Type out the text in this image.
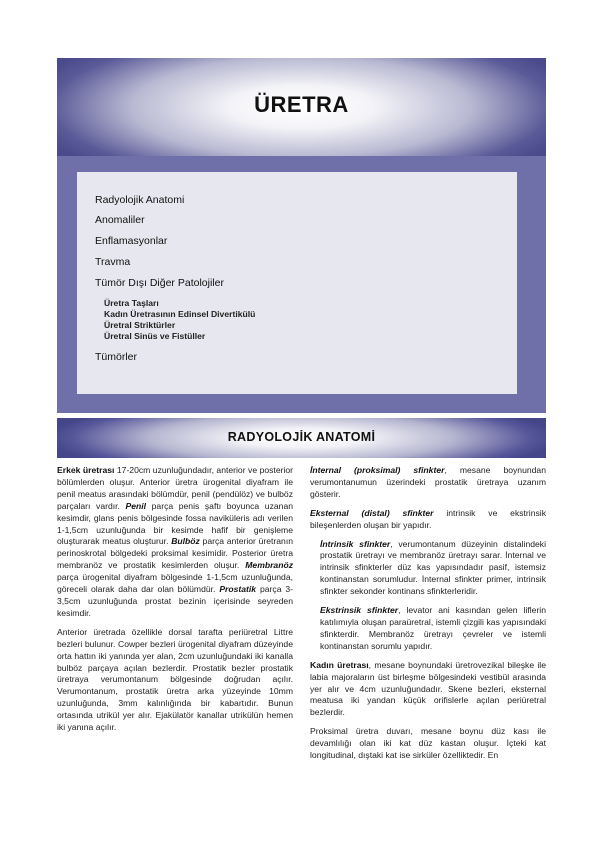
ÜRETRA
Radyolojik Anatomi
Anomaliler
Enflamasyonlar
Travma
Tümör Dışı Diğer Patolojiler
Üretra Taşları
Kadın Üretrasının Edinsel Divertikülü
Üretral Striktürler
Üretral Sinüs ve Fistüller
Tümörler
RADYOLOJİK ANATOMİ

Erkek üretrası 17-20cm uzunluğundadır, anterior ve posterior bölümlerden oluşur. Anterior üretra ürogenital diyafram ile penil meatus arasındaki bölümdür, penil (pendülöz) ve bulböz parçaları vardır. Penil parça penis şaftı boyunca uzanan kesimdir, glans penis bölgesinde fossa naviküleris adı verilen 1-1,5cm uzunluğunda bir kesimde hafif bir genişleme oluşturarak meatus oluşturur. Bulböz parça anterior üretranın perinoskrotal bölgedeki proksimal kesimidir. Posterior üretra membranöz ve prostatik kesimlerden oluşur. Membranöz parça ürogenital diyafram bölgesinde 1-1,5cm uzunluğunda, göreceli olarak daha dar olan bölümdür. Prostatik parça 3-3,5cm uzunluğunda prostat bezinin içerisinde seyreden kesimdir.

Anterior üretrada özellikle dorsal tarafta periüretral Littre bezleri bulunur. Cowper bezleri ürogenital diyafram düzeyinde orta hattın iki yanında yer alan, 2cm uzunluğundaki iki kanalla bulböz parçaya açılan bezlerdir. Prostatik bezler prostatik üretraya verumontanum bölgesinde doğrudan açılır. Verumontanum, prostatik üretra arka yüzeyinde 10mm uzunluğunda, 3mm kalınlığında bir kabartıdır. Bunun ortasında utrikül yer alır. Ejakülatör kanallar utrikülün hemen iki yanına açılır.

İnternal (proksimal) sfinkter, mesane boynundan verumontanumun üzerindeki prostatik üretraya uzanım gösterir.

Eksternal (distal) sfinkter intrinsik ve ekstrinsik bileşenlerden oluşan bir yapıdır.

İntrinsik sfinkter, verumontanum düzeyinin distalindeki prostatik üretrayı ve membranöz üretrayı sarar. İnternal ve intrinsik sfinkterler düz kas yapısındadır pasif, istemsiz kontinanstan sorumludur. İnternal sfinkter primer, intrinsik sfinkter sekonder kontinans sfinkterleridir.

Ekstrinsik sfinkter, levator ani kasından gelen liflerin katılımıyla oluşan paraüretral, istemli çizgili kas yapısındaki sfinkterdir. Membranöz üretrayı çevreler ve istemli kontinanstan sorumlu yapıdır.

Kadın üretrası, mesane boynundaki üretrovezikal bileşke ile labia majoraların üst birleşme bölgesindeki vestibül arasında yer alır ve 4cm uzunluğundadır. Skene bezleri, eksternal meatusa iki yandan küçük orifislerle açılan periüretral bezlerdir.

Proksimal üretra duvarı, mesane boynu düz kası ile devamlılığı olan iki kat düz kastan oluşur. İçteki kat longitudinal, dıştaki kat ise sirküler özelliktedir. En
